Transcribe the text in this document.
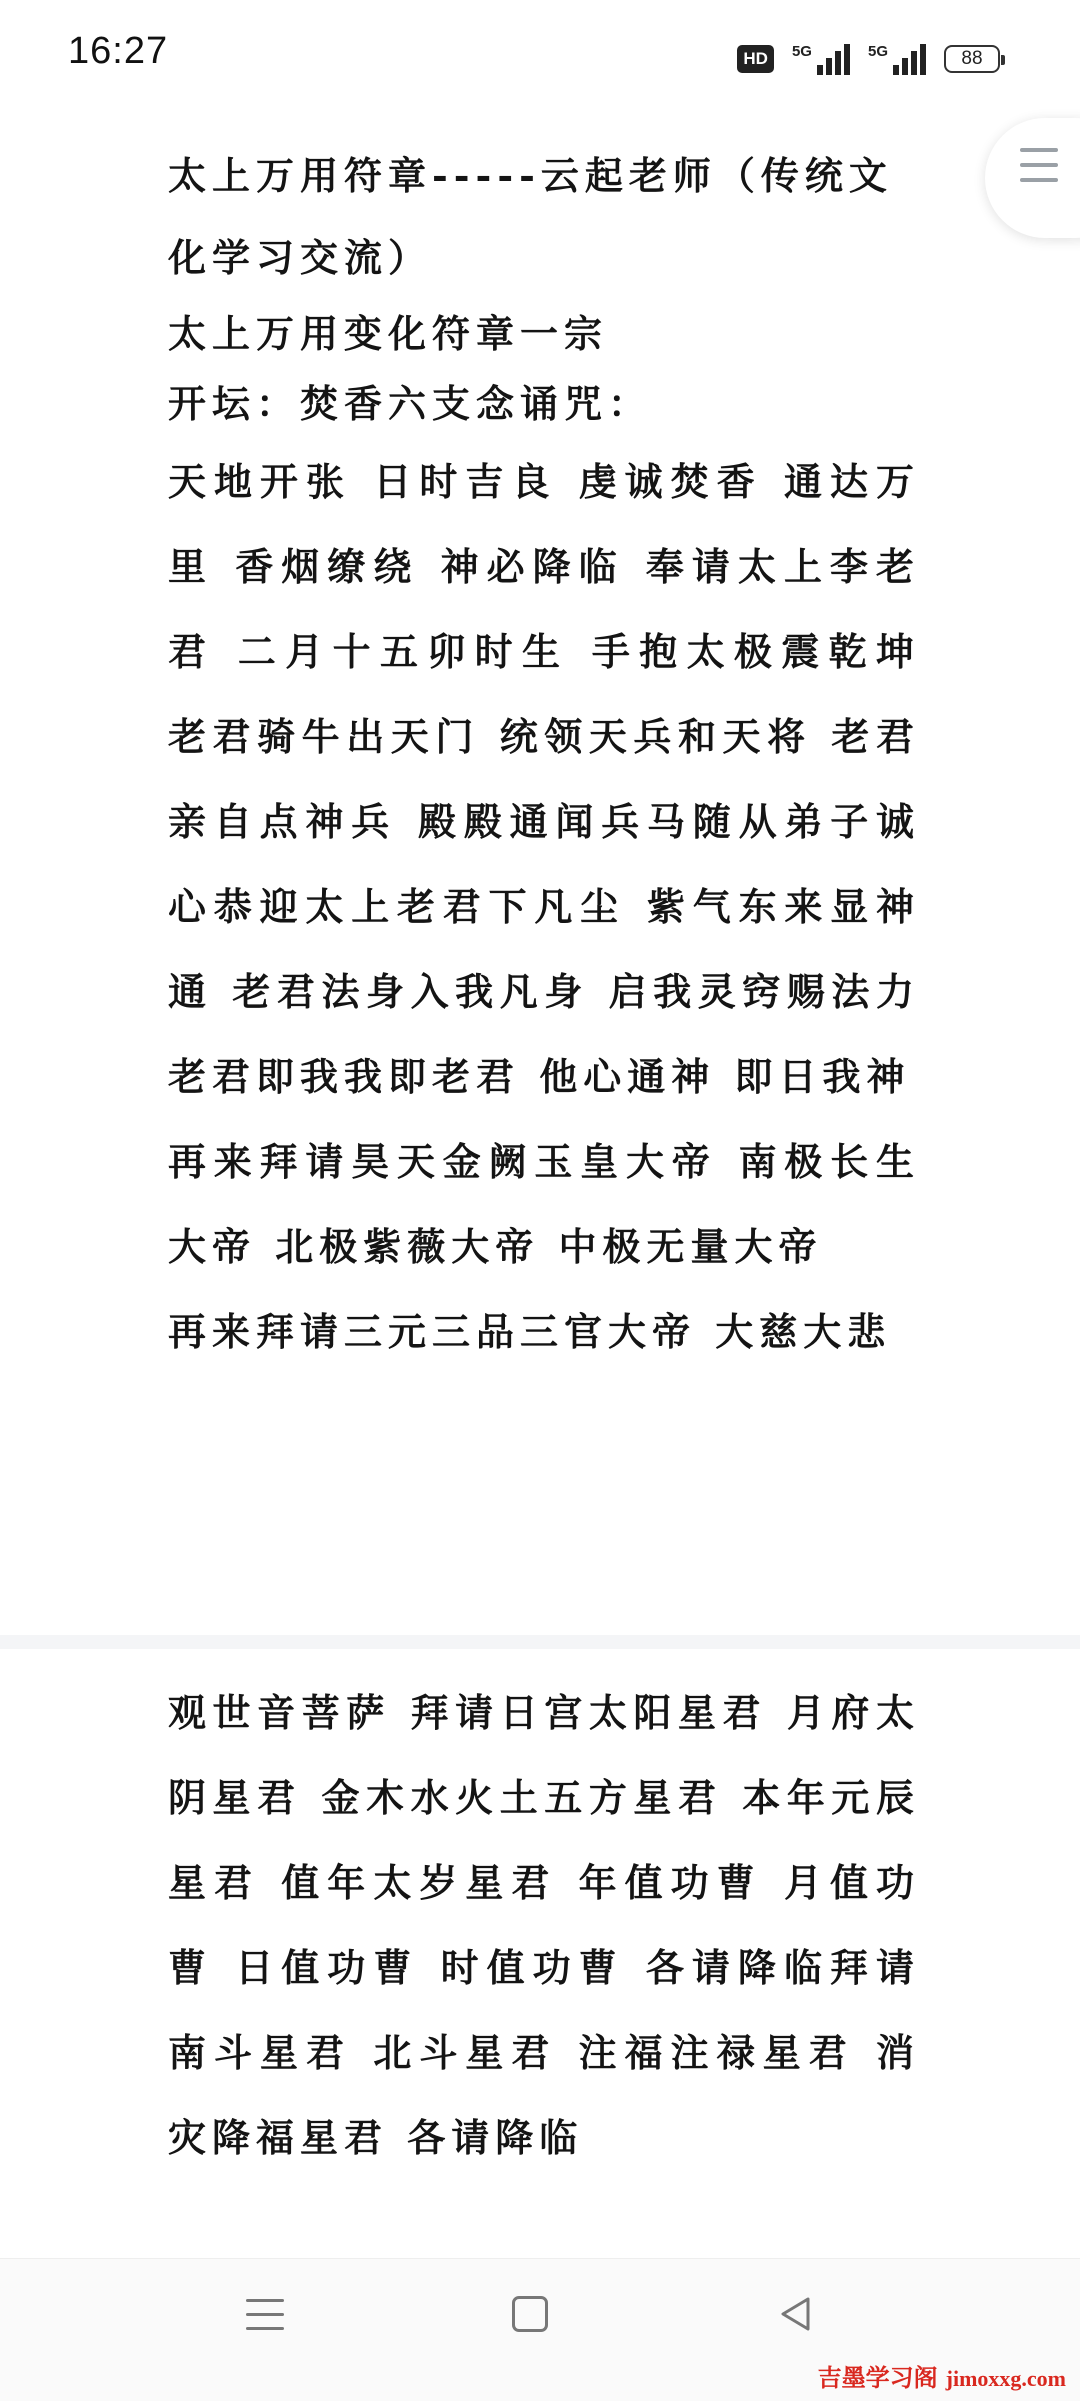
16:27	HD	5G	5G	88

太上万用符章-----云起老师（传统文化学习交流）

太上万用变化符章一宗

开坛：焚香六支念诵咒：

天地开张 日时吉良 虔诚焚香 通达万里 香烟缭绕 神必降临 奉请太上李老君 二月十五卯时生 手抱太极震乾坤 老君骑牛出天门 统领天兵和天将 老君亲自点神兵 殿殿通闻兵马随从弟子诚心恭迎太上老君下凡尘 紫气东来显神通 老君法身入我凡身 启我灵窍赐法力 老君即我我即老君 他心通神 即日我神

再来拜请昊天金阙玉皇大帝 南极长生大帝 北极紫薇大帝 中极无量大帝

再来拜请三元三品三官大帝 大慈大悲

观世音菩萨 拜请日宫太阳星君 月府太阴星君 金木水火土五方星君 本年元辰星君 值年太岁星君 年值功曹 月值功曹 日值功曹 时值功曹 各请降临拜请南斗星君 北斗星君 注福注禄星君 消灾降福星君 各请降临

吉墨学习阁 jimoxxg.com
